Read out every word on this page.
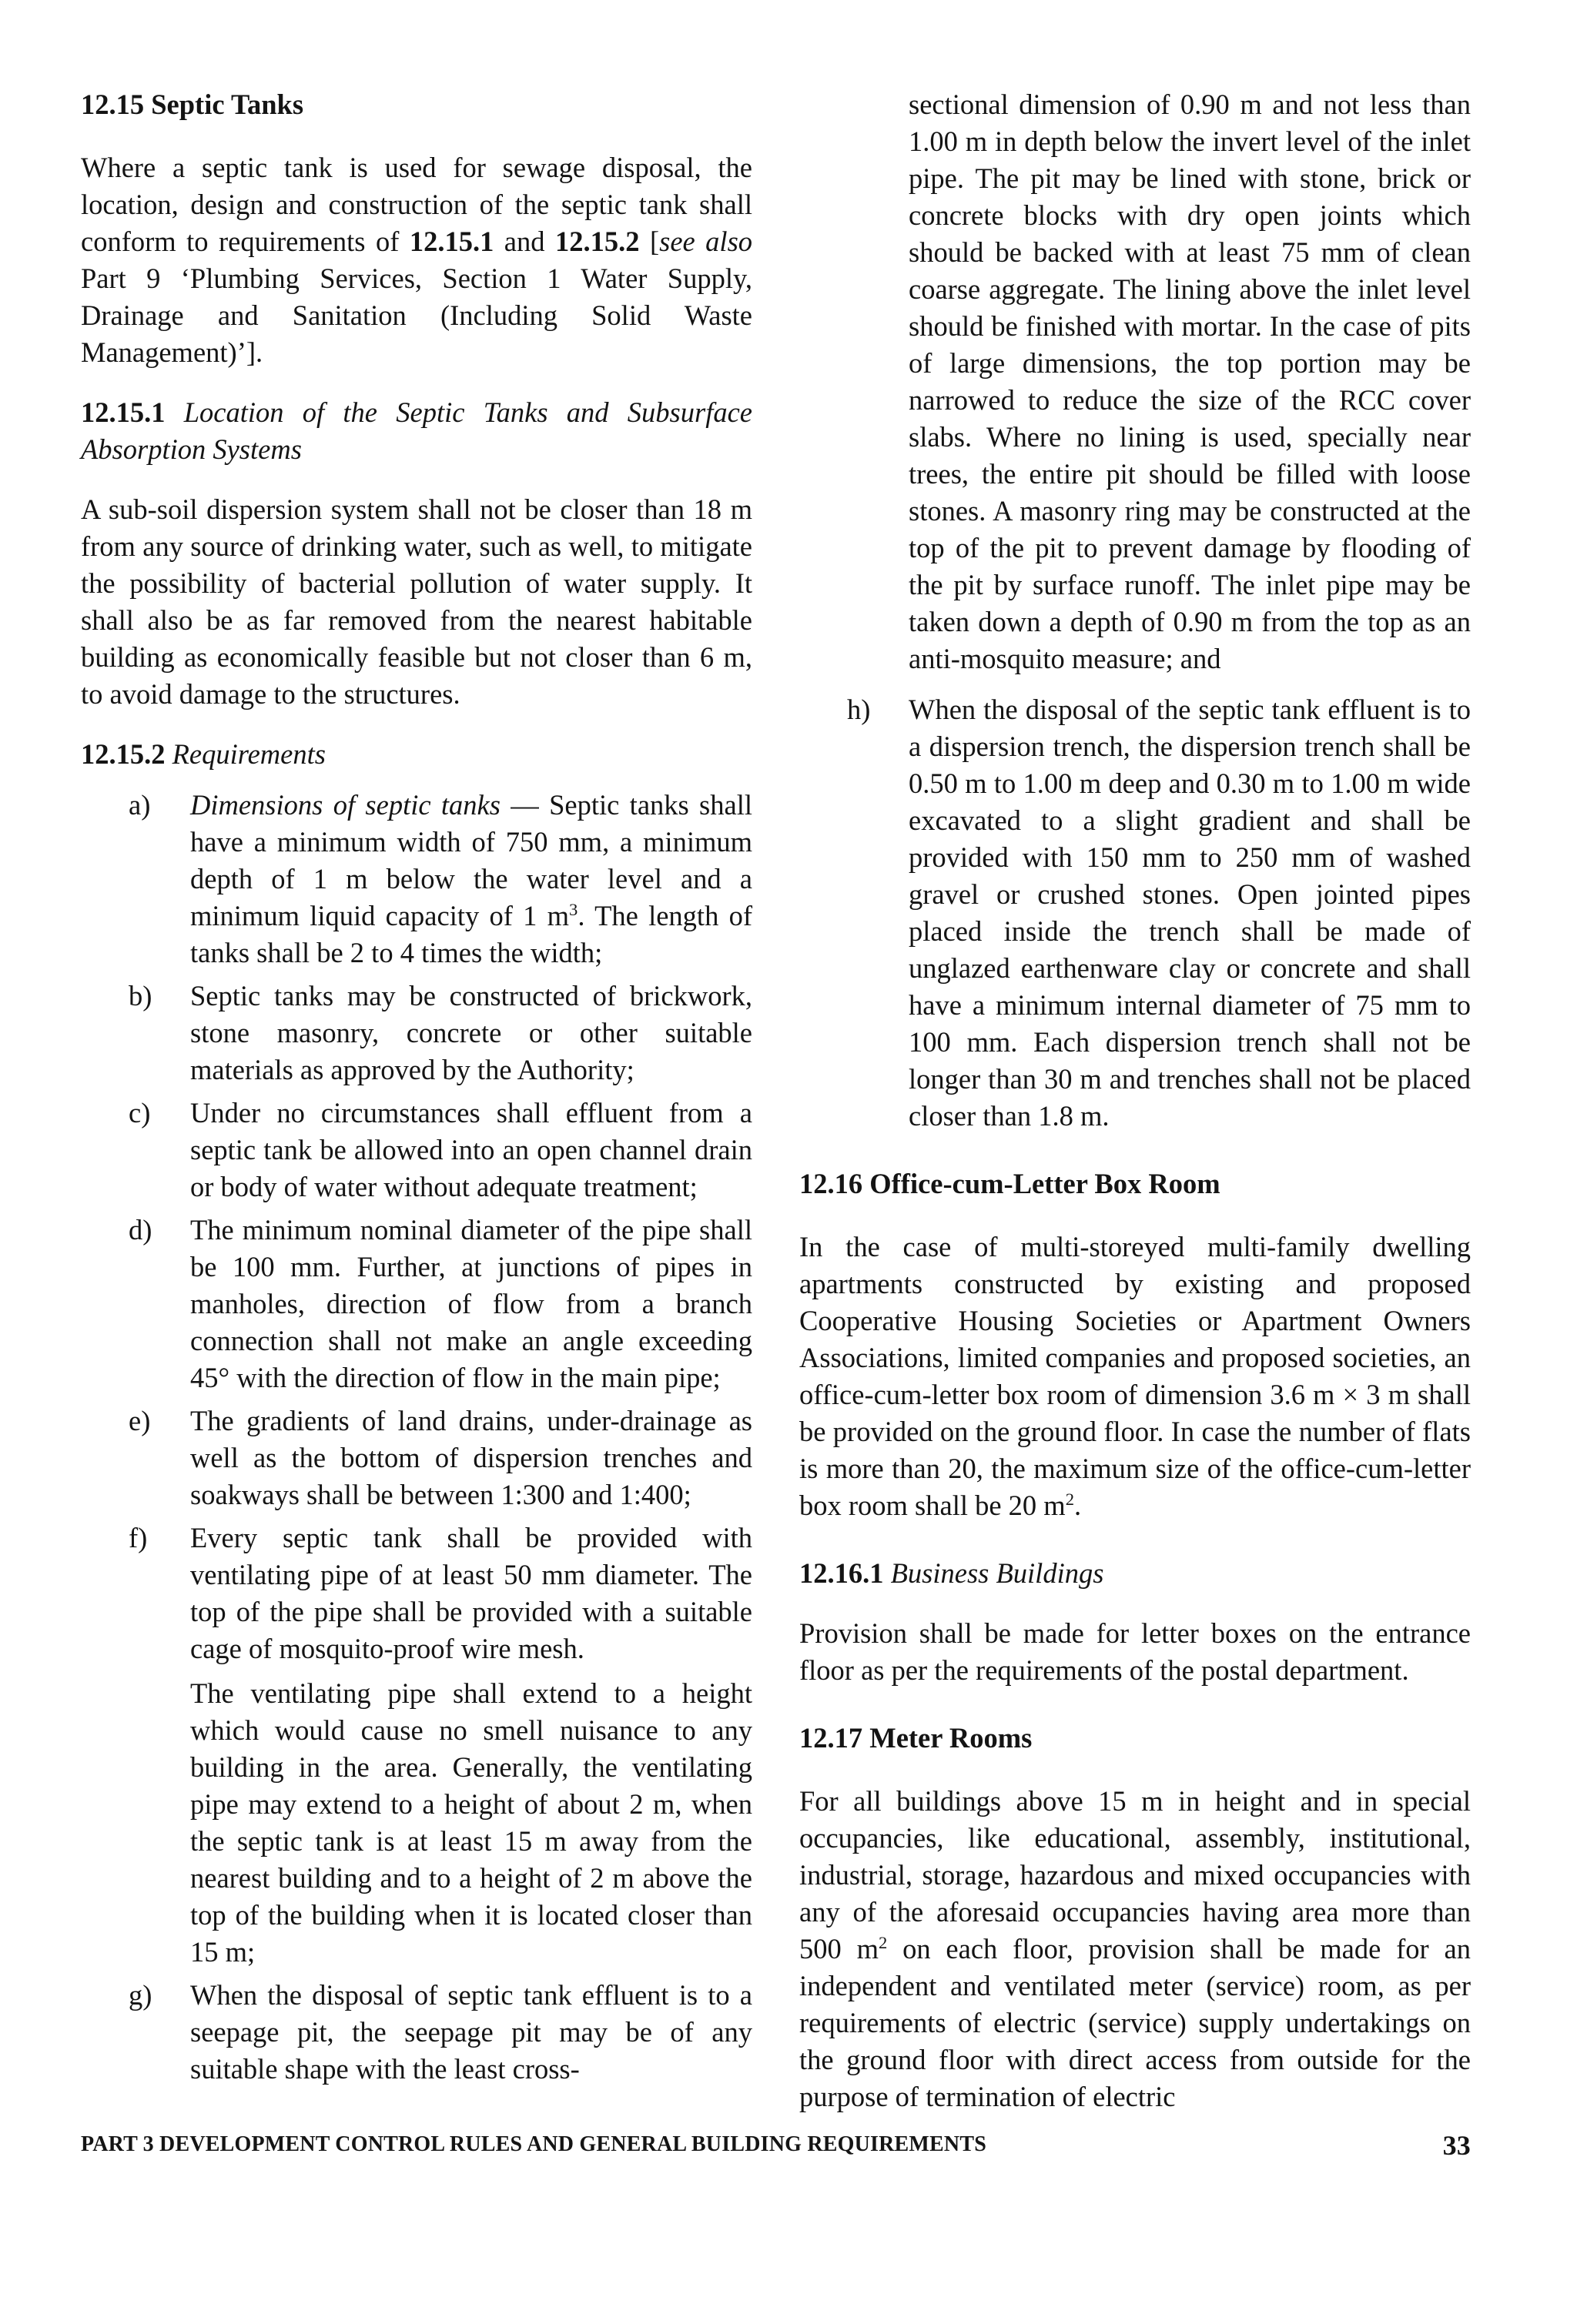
12.15 Septic Tanks

Where a septic tank is used for sewage disposal, the location, design and construction of the septic tank shall conform to requirements of 12.15.1 and 12.15.2 [see also Part 9 ‘Plumbing Services, Section 1 Water Supply, Drainage and Sanitation (Including Solid Waste Management)’].

12.15.1 Location of the Septic Tanks and Subsurface Absorption Systems

A sub-soil dispersion system shall not be closer than 18 m from any source of drinking water, such as well, to mitigate the possibility of bacterial pollution of water supply. It shall also be as far removed from the nearest habitable building as economically feasible but not closer than 6 m, to avoid damage to the structures.

12.15.2 Requirements

a) Dimensions of septic tanks — Septic tanks shall have a minimum width of 750 mm, a minimum depth of 1 m below the water level and a minimum liquid capacity of 1 $m^3$. The length of tanks shall be 2 to 4 times the width;

b) Septic tanks may be constructed of brickwork, stone masonry, concrete or other suitable materials as approved by the Authority;

c) Under no circumstances shall effluent from a septic tank be allowed into an open channel drain or body of water without adequate treatment;

d) The minimum nominal diameter of the pipe shall be 100 mm. Further, at junctions of pipes in manholes, direction of flow from a branch connection shall not make an angle exceeding 45° with the direction of flow in the main pipe;

e) The gradients of land drains, under-drainage as well as the bottom of dispersion trenches and soakways shall be between 1:300 and 1:400;

f) Every septic tank shall be provided with ventilating pipe of at least 50 mm diameter. The top of the pipe shall be provided with a suitable cage of mosquito-proof wire mesh.

The ventilating pipe shall extend to a height which would cause no smell nuisance to any building in the area. Generally, the ventilating pipe may extend to a height of about 2 m, when the septic tank is at least 15 m away from the nearest building and to a height of 2 m above the top of the building when it is located closer than 15 m;

g) When the disposal of septic tank effluent is to a seepage pit, the seepage pit may be of any suitable shape with the least cross-

sectional dimension of 0.90 m and not less than 1.00 m in depth below the invert level of the inlet pipe. The pit may be lined with stone, brick or concrete blocks with dry open joints which should be backed with at least 75 mm of clean coarse aggregate. The lining above the inlet level should be finished with mortar. In the case of pits of large dimensions, the top portion may be narrowed to reduce the size of the RCC cover slabs. Where no lining is used, specially near trees, the entire pit should be filled with loose stones. A masonry ring may be constructed at the top of the pit to prevent damage by flooding of the pit by surface runoff. The inlet pipe may be taken down a depth of 0.90 m from the top as an anti-mosquito measure; and

h) When the disposal of the septic tank effluent is to a dispersion trench, the dispersion trench shall be 0.50 m to 1.00 m deep and 0.30 m to 1.00 m wide excavated to a slight gradient and shall be provided with 150 mm to 250 mm of washed gravel or crushed stones. Open jointed pipes placed inside the trench shall be made of unglazed earthenware clay or concrete and shall have a minimum internal diameter of 75 mm to 100 mm. Each dispersion trench shall not be longer than 30 m and trenches shall not be placed closer than 1.8 m.

12.16 Office-cum-Letter Box Room

In the case of multi-storeyed multi-family dwelling apartments constructed by existing and proposed Cooperative Housing Societies or Apartment Owners Associations, limited companies and proposed societies, an office-cum-letter box room of dimension 3.6 m × 3 m shall be provided on the ground floor. In case the number of flats is more than 20, the maximum size of the office-cum-letter box room shall be 20 $m^2$.

12.16.1 Business Buildings

Provision shall be made for letter boxes on the entrance floor as per the requirements of the postal department.

12.17 Meter Rooms

For all buildings above 15 m in height and in special occupancies, like educational, assembly, institutional, industrial, storage, hazardous and mixed occupancies with any of the aforesaid occupancies having area more than 500 $m^2$ on each floor, provision shall be made for an independent and ventilated meter (service) room, as per requirements of electric (service) supply undertakings on the ground floor with direct access from outside for the purpose of termination of electric

PART 3 DEVELOPMENT CONTROL RULES AND GENERAL BUILDING REQUIREMENTS	33
